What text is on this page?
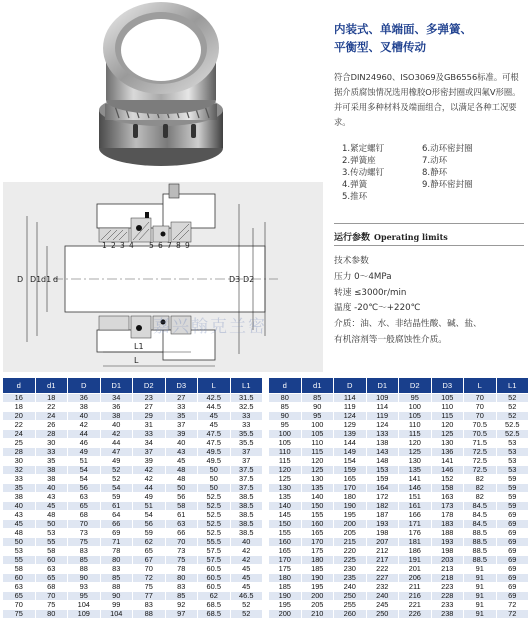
D D1 d1 d	D3 D2
L1
L
1 2 3 4 5 6 7 8 9
嘉兴翰克兰密
内装式、单端面、多弹簧、
平衡型、叉槽传动
符合DIN24960、ISO3069及GB6556标准。可根据介质腐蚀情况选用橡胶O形密封圈或四氟V形圈。并可采用多种材料及端面组合，以满足各种工况要求。
1.紧定螺钉
2.弹簧座
3.传动螺钉
4.弹簧
5.推环
6.动环密封圈
7.动环
8.静环
9.静环密封圈
运行参数 Operating limits
技术参数
压力 0～4MPa
转速 ≤3000r/min
温度 -20℃～+220℃
介质：油、水、非结晶性酸、碱、盐、
有机溶剂等一般腐蚀性介质。
d	d1	D	D1	D2	D3	L	L1
16	18	36	34	23	27	42.5	31.5
18	22	38	36	27	33	44.5	32.5
20	24	40	38	29	35	45	33
22	26	42	40	31	37	45	33
24	28	44	42	33	39	47.5	35.5
25	30	46	44	34	40	47.5	35.5
28	33	49	47	37	43	49.5	37
30	35	51	49	39	45	49.5	37
32	38	54	52	42	48	50	37.5
33	38	54	52	42	48	50	37.5
35	40	56	54	44	50	50	37.5
38	43	63	59	49	56	52.5	38.5
40	45	65	61	51	58	52.5	38.5
43	48	68	64	54	61	52.5	38.5
45	50	70	66	56	63	52.5	38.5
48	53	73	69	59	66	52.5	38.5
50	55	75	71	62	70	55.5	40
53	58	83	78	65	73	57.5	42
55	60	85	80	67	75	57.5	42
58	63	88	83	70	78	60.5	45
60	65	90	85	72	80	60.5	45
63	68	93	88	75	83	60.5	45
65	70	95	90	77	85	62	46.5
70	75	104	99	83	92	68.5	52
75	80	109	104	88	97	68.5	52
d	d1	D	D1	D2	D3	L	L1
80	85	114	109	95	105	70	52
85	90	119	114	100	110	70	52
90	95	124	119	105	115	70	52
95	100	129	124	110	120	70.5	52.5
100	105	139	133	115	125	70.5	52.5
105	110	144	138	120	130	71.5	53
110	115	149	143	125	136	72.5	53
115	120	154	148	130	141	72.5	53
120	125	159	153	135	146	72.5	53
125	130	165	159	141	152	82	59
130	135	170	164	146	158	82	59
135	140	180	172	151	163	82	59
140	150	190	182	161	173	84.5	59
145	155	195	187	166	178	84.5	69
150	160	200	193	171	183	84.5	69
155	165	205	198	176	188	88.5	69
160	170	215	207	181	193	88.5	69
165	175	220	212	186	198	88.5	69
170	180	225	217	191	203	88.5	69
175	185	230	222	201	213	91	69
180	190	235	227	206	218	91	69
185	195	240	232	211	223	91	69
190	200	250	240	216	228	91	69
195	205	255	245	221	233	91	72
200	210	260	250	226	238	91	72
